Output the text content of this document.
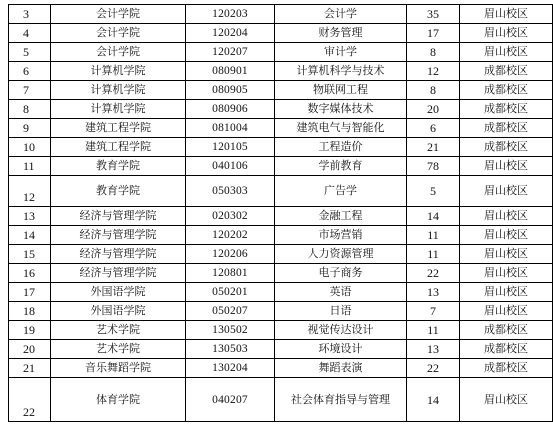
3	会计学院	120203	会计学	35	眉山校区
4	会计学院	120204	财务管理	17	眉山校区
5	会计学院	120207	审计学	8	眉山校区
6	计算机学院	080901	计算机科学与技术	12	成都校区
7	计算机学院	080905	物联网工程	8	成都校区
8	计算机学院	080906	数字媒体技术	20	成都校区
9	建筑工程学院	081004	建筑电气与智能化	6	成都校区
10	建筑工程学院	120105	工程造价	21	成都校区
11	教育学院	040106	学前教育	78	眉山校区
12	教育学院	050303	广告学	5	眉山校区
13	经济与管理学院	020302	金融工程	14	眉山校区
14	经济与管理学院	120202	市场营销	11	眉山校区
15	经济与管理学院	120206	人力资源管理	11	眉山校区
16	经济与管理学院	120801	电子商务	22	眉山校区
17	外国语学院	050201	英语	13	眉山校区
18	外国语学院	050207	日语	7	眉山校区
19	艺术学院	130502	视觉传达设计	11	成都校区
20	艺术学院	130503	环境设计	13	成都校区
21	音乐舞蹈学院	130204	舞蹈表演	22	成都校区
22	体育学院	040207	社会体育指导与管理	14	眉山校区
